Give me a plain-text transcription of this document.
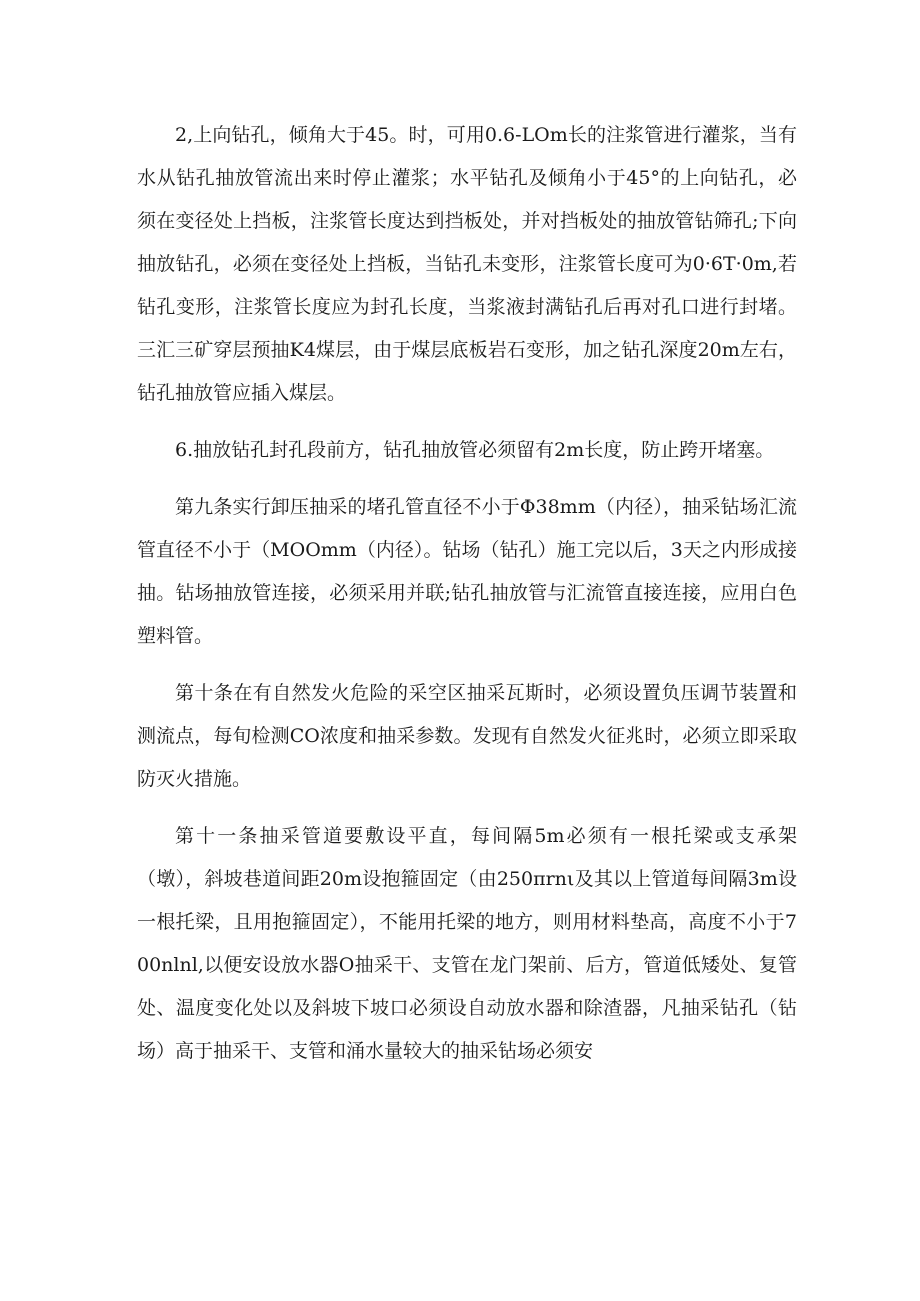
2,上向钻孔，倾角大于45。时，可用0.6-LOm长的注浆管进行灌浆，当有水从钻孔抽放管流出来时停止灌浆；水平钻孔及倾角小于45°的上向钻孔，必须在变径处上挡板，注浆管长度达到挡板处，并对挡板处的抽放管钻筛孔;下向抽放钻孔，必须在变径处上挡板，当钻孔未变形，注浆管长度可为0·6T·0m,若钻孔变形，注浆管长度应为封孔长度，当浆液封满钻孔后再对孔口进行封堵。三汇三矿穿层预抽K4煤层，由于煤层底板岩石变形，加之钻孔深度20m左右，钻孔抽放管应插入煤层。

6.抽放钻孔封孔段前方，钻孔抽放管必须留有2m长度，防止跨开堵塞。

第九条实行卸压抽采的堵孔管直径不小于Φ38mm（内径），抽采钻场汇流管直径不小于（MOOmm（内径）。钻场（钻孔）施工完以后，3天之内形成接抽。钻场抽放管连接，必须采用并联;钻孔抽放管与汇流管直接连接，应用白色塑料管。

第十条在有自然发火危险的采空区抽采瓦斯时，必须设置负压调节装置和测流点，每旬检测CO浓度和抽采参数。发现有自然发火征兆时，必须立即采取防灭火措施。

第十一条抽采管道要敷设平直，每间隔5m必须有一根托梁或支承架（墩），斜坡巷道间距20m设抱箍固定（由250πrnι及其以上管道每间隔3m设一根托梁，且用抱箍固定），不能用托梁的地方，则用材料垫高，高度不小于700nlnl,以便安设放水器O抽采干、支管在龙门架前、后方，管道低矮处、复管处、温度变化处以及斜坡下坡口必须设自动放水器和除渣器，凡抽采钻孔（钻场）高于抽采干、支管和涌水量较大的抽采钻场必须安
